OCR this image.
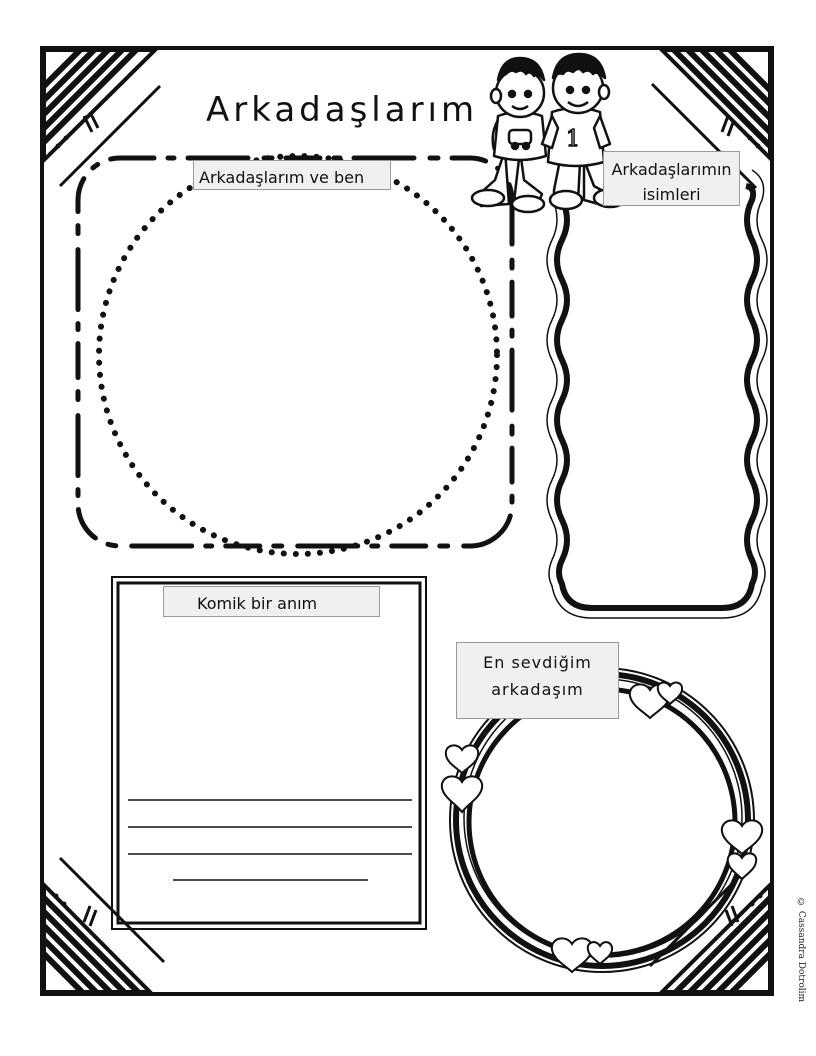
1
Arkadaşlarım
Arkadaşlarım ve ben	Arkadaşlarımın
isimleri
Komik bir anım
En sevdiğim
arkadaşım
© Cassandra Dotrolim
